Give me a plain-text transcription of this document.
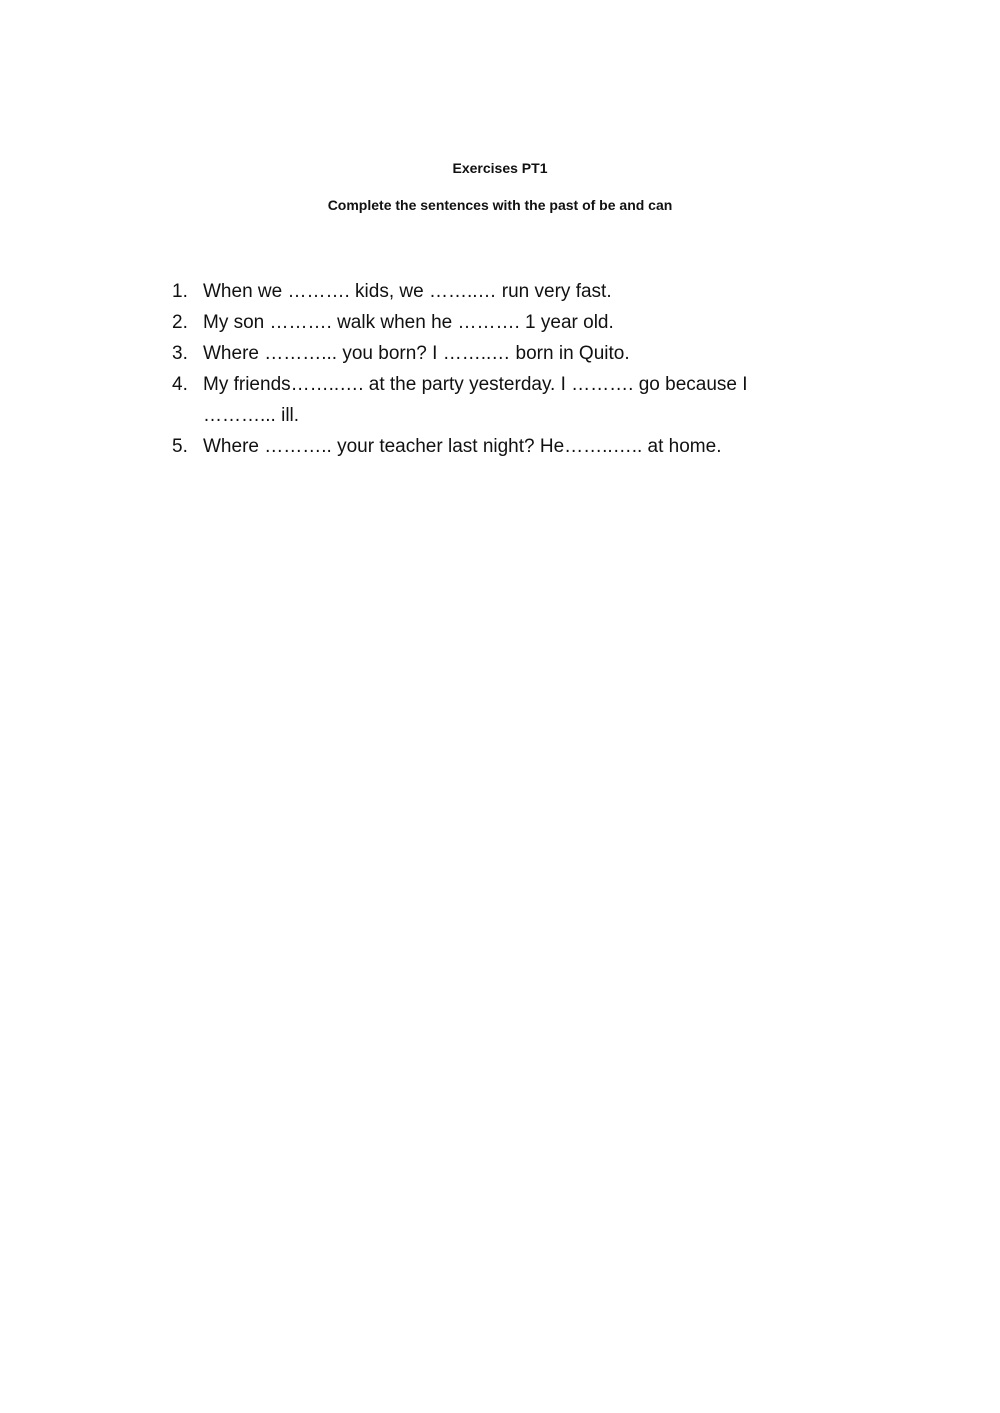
Exercises PT1
Complete the sentences with the past of be and can
1. When we ………. kids, we ……..… run very fast.
2. My son ………. walk when he ………. 1 year old.
3. Where ………... you born? I ……..… born in Quito.
4. My friends……..…. at the party yesterday. I ………. go because I ………... ill.
5. Where ……….. your teacher last night? He……..….. at home.
